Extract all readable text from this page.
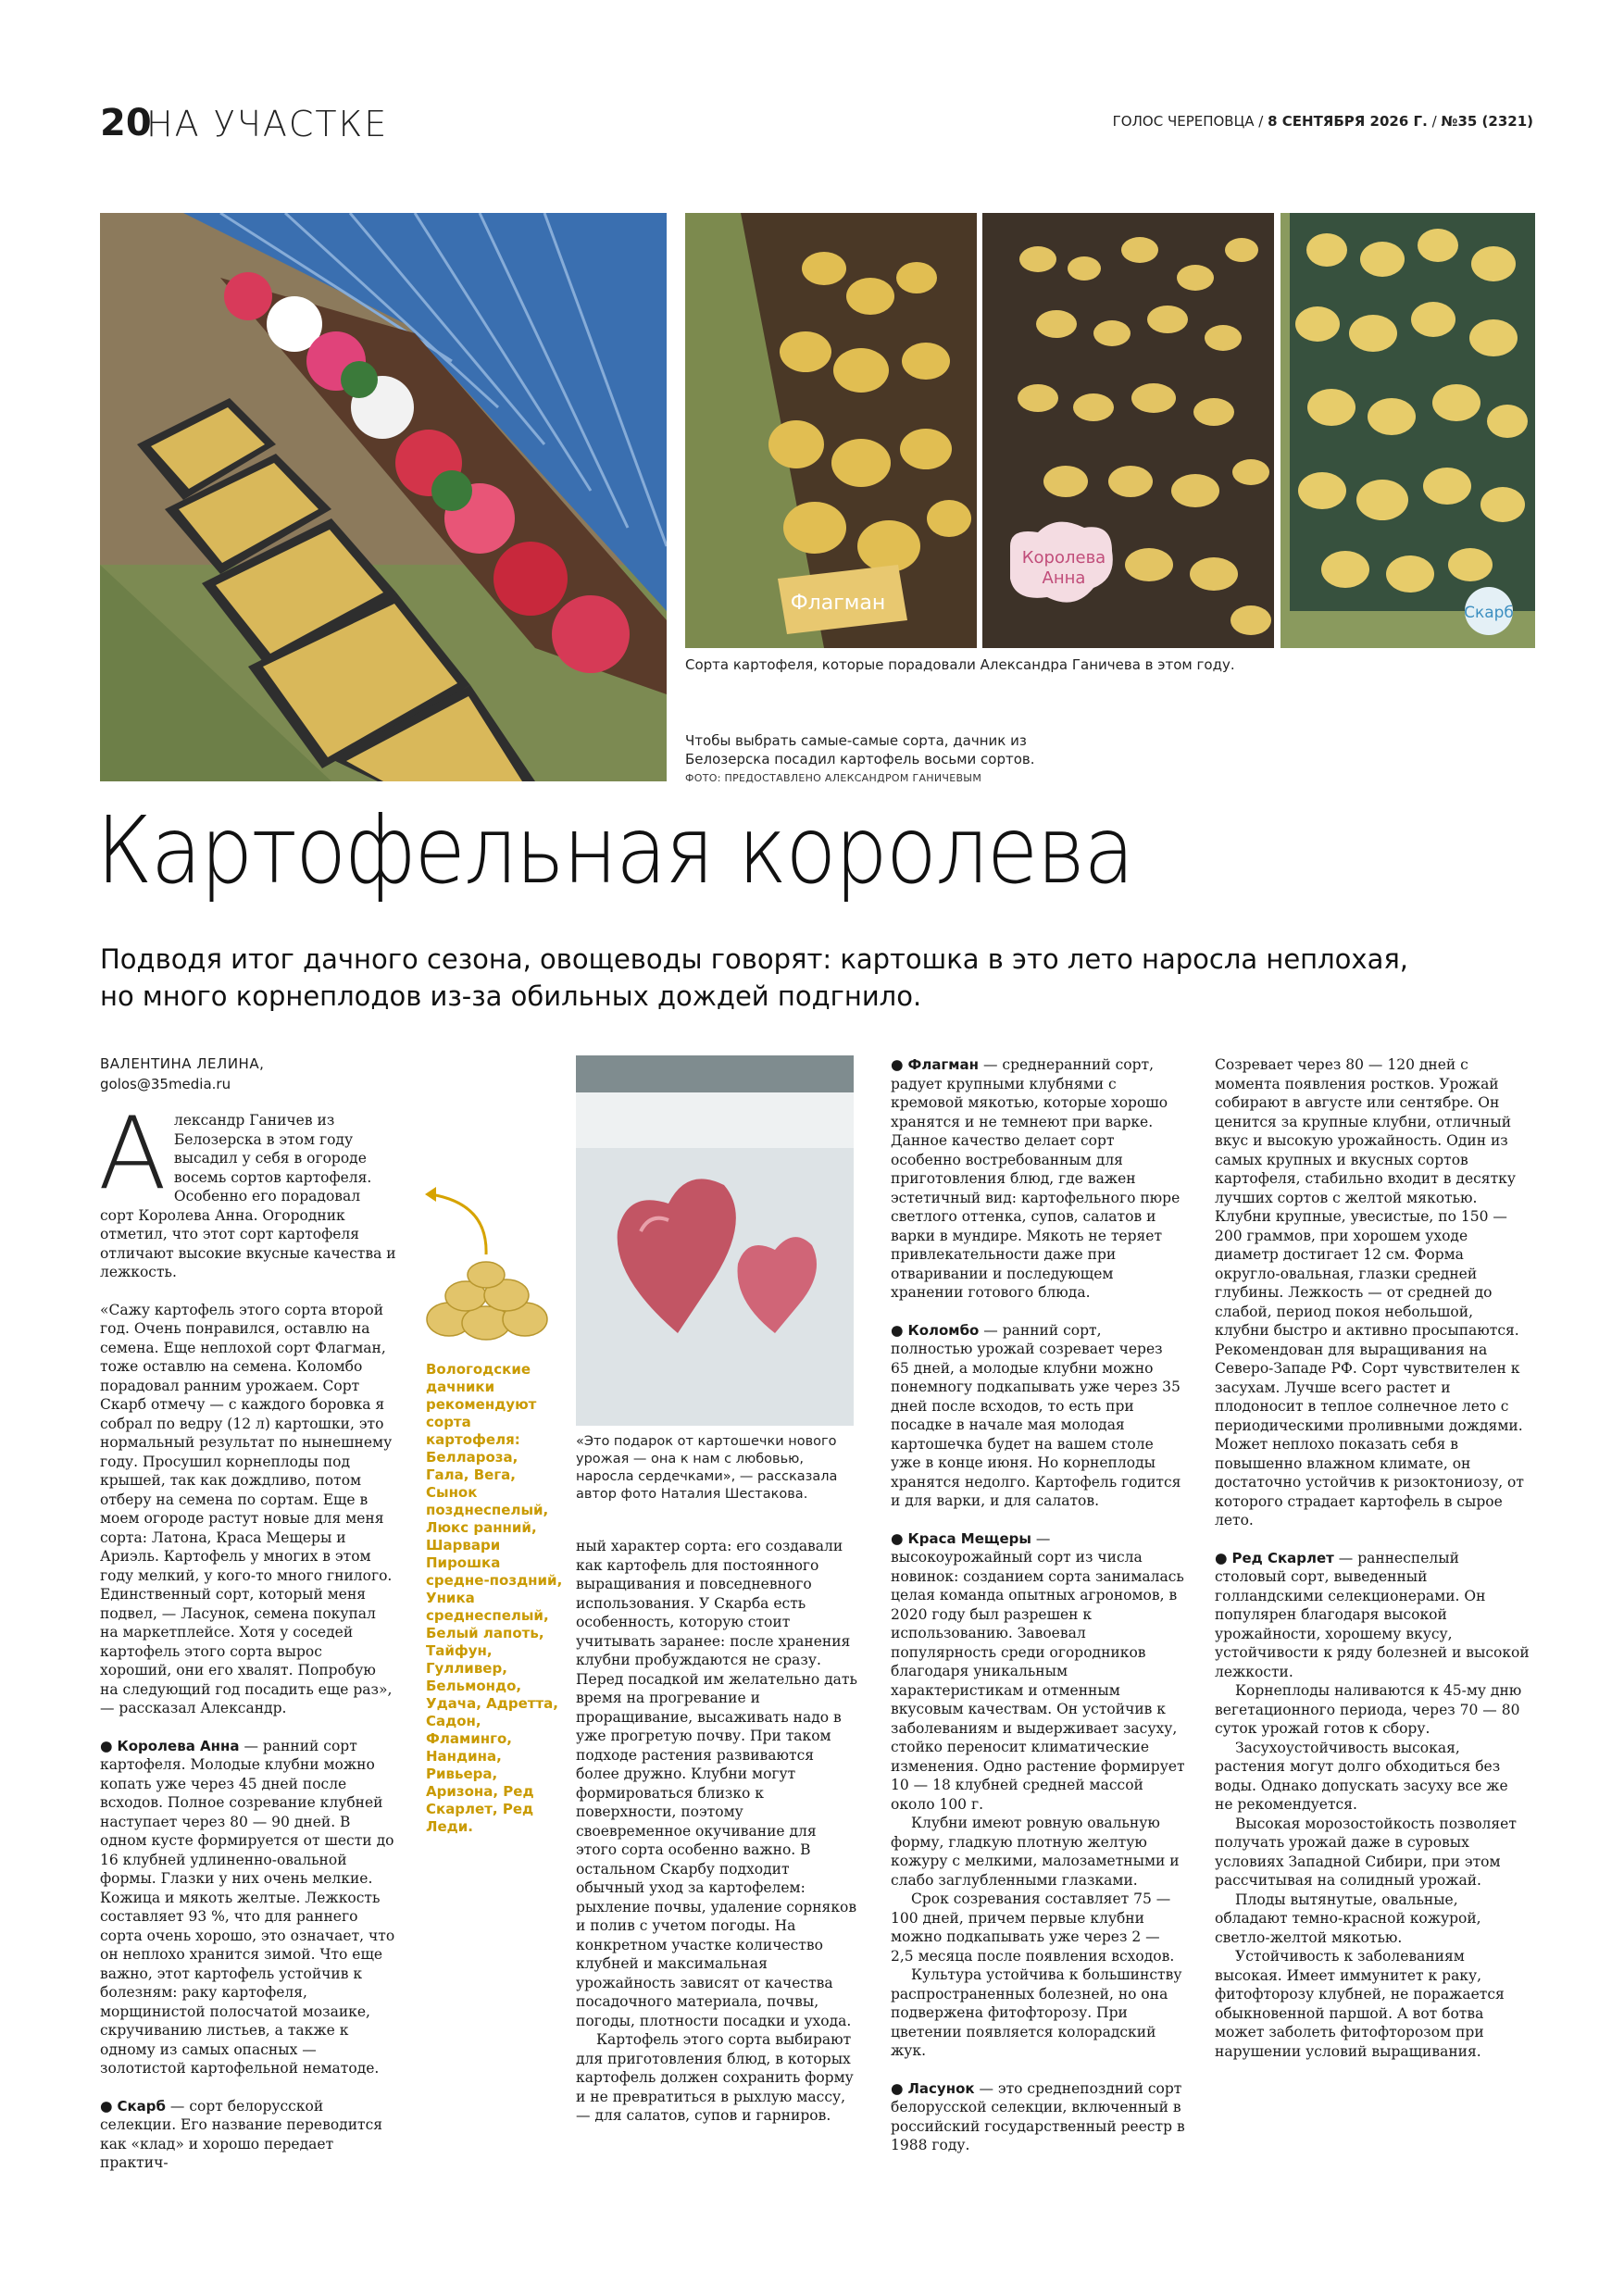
20
НА УЧАСТКЕ	ГОЛОС ЧЕРЕПОВЦА / 8 СЕНТЯБРЯ 2026 Г. / №35 (2321)
Флагман
Королева
Анна
Скарб
Сорта картофеля, которые порадовали Александра Ганичева в этом году.
Чтобы выбрать самые-самые сорта, дачник из
Белозерска посадил картофель восьми сортов.
ФОТО: ПРЕДОСТАВЛЕНО АЛЕКСАНДРОМ ГАНИЧЕВЫМ
Картофельная королева
Подводя итог дачного сезона, овощеводы говорят: картошка в это лето наросла неплохая, но много корнеплодов из-за обильных дождей подгнило.
ВАЛЕНТИНА ЛЕЛИНА,
golos@35media.ru

Александр Ганичев из Белозерска в этом году высадил у себя в огороде восемь сортов картофеля. Особенно его порадовал сорт Королева Анна. Огородник отметил, что этот сорт картофеля отличают высокие вкусные качества и лежкость.

«Сажу картофель этого сорта второй год. Очень понравился, оставлю на семена. Еще неплохой сорт Флагман, тоже оставлю на семена. Коломбо порадовал ранним урожаем. Сорт Скарб отмечу — с каждого боровка я собрал по ведру (12 л) картошки, это нормальный результат по нынешнему году. Просушил корнеплоды под крышей, так как дождливо, потом отберу на семена по сортам. Еще в моем огороде растут новые для меня сорта: Латона, Краса Мещеры и Ариэль. Картофель у многих в этом году мелкий, у кого-то много гнилого. Единственный сорт, который меня подвел, — Ласунок, семена покупал на маркетплейсе. Хотя у соседей картофель этого сорта вырос хороший, они его хвалят. Попробую на следующий год посадить еще раз», — рассказал Александр.

● Королева Анна — ранний сорт картофеля. Молодые клубни можно копать уже через 45 дней после всходов. Полное созревание клубней наступает через 80 — 90 дней. В одном кусте формируется от шести до 16 клубней удлиненно-овальной формы. Глазки у них очень мелкие. Кожица и мякоть желтые. Лежкость составляет 93 %, что для раннего сорта очень хорошо, это означает, что он неплохо хранится зимой. Что еще важно, этот картофель устойчив к болезням: раку картофеля, морщинистой полосчатой мозаике, скручиванию листьев, а также к одному из самых опасных — золотистой картофельной нематоде.

● Скарб — сорт белорусской селекции. Его название переводится как «клад» и хорошо передает практич-

Вологодские дачники рекомендуют сорта картофеля: Беллароза, Гала, Вега, Сынок позднеспелый, Люкс ранний, Шарвари Пирошка средне-поздний, Уника среднеспелый, Белый лапоть, Тайфун, Гулливер, Бельмондо, Удача, Адретта, Садон, Фламинго, Нандина, Ривьера, Аризона, Ред Скарлет, Ред Леди.
«Это подарок от картошечки нового урожая — она к нам с любовью, наросла сердечками», — рассказала автор фото Наталия Шестакова.

ный характер сорта: его создавали как картофель для постоянного выращивания и повседневного использования. У Скарба есть особенность, которую стоит учитывать заранее: после хранения клубни пробуждаются не сразу. Перед посадкой им желательно дать время на прогревание и проращивание, высаживать надо в уже прогретую почву. При таком подходе растения развиваются более дружно. Клубни могут формироваться близко к поверхности, поэтому своевременное окучивание для этого сорта особенно важно. В остальном Скарбу подходит обычный уход за картофелем: рыхление почвы, удаление сорняков и полив с учетом погоды. На конкретном участке количество клубней и максимальная урожайность зависят от качества посадочного материала, почвы, погоды, плотности посадки и ухода.

Картофель этого сорта выбирают для приготовления блюд, в которых картофель должен сохранить форму и не превратиться в рыхлую массу, — для салатов, супов и гарниров.

● Флагман — среднеранний сорт, радует крупными клубнями с кремовой мякотью, которые хорошо хранятся и не темнеют при варке. Данное качество делает сорт особенно востребованным для приготовления блюд, где важен эстетичный вид: картофельного пюре светлого оттенка, супов, салатов и варки в мундире. Мякоть не теряет привлекательности даже при отваривании и последующем хранении готового блюда.

● Коломбо — ранний сорт, полностью урожай созревает через 65 дней, а молодые клубни можно понемногу подкапывать уже через 35 дней после всходов, то есть при посадке в начале мая молодая картошечка будет на вашем столе уже в конце июня. Но корнеплоды хранятся недолго. Картофель годится и для варки, и для салатов.

● Краса Мещеры — высокоурожайный сорт из числа новинок: созданием сорта занималась целая команда опытных агрономов, в 2020 году был разрешен к использованию. Завоевал популярность среди огородников благодаря уникальным характеристикам и отменным вкусовым качествам. Он устойчив к заболеваниям и выдерживает засуху, стойко переносит климатические изменения. Одно растение формирует 10 — 18 клубней средней массой около 100 г.

Клубни имеют ровную овальную форму, гладкую плотную желтую кожуру с мелкими, малозаметными и слабо заглубленными глазками.

Срок созревания составляет 75 — 100 дней, причем первые клубни можно подкапывать уже через 2 — 2,5 месяца после появления всходов.

Культура устойчива к большинству распространенных болезней, но она подвержена фитофторозу. При цветении появляется колорадский жук.

● Ласунок — это среднепоздний сорт белорусской селекции, включенный в российский государственный реестр в 1988 году.

Созревает через 80 — 120 дней с момента появления ростков. Урожай собирают в августе или сентябре. Он ценится за крупные клубни, отличный вкус и высокую урожайность. Один из самых крупных и вкусных сортов картофеля, стабильно входит в десятку лучших сортов с желтой мякотью. Клубни крупные, увесистые, по 150 — 200 граммов, при хорошем уходе диаметр достигает 12 см. Форма округло-овальная, глазки средней глубины. Лежкость — от средней до слабой, период покоя небольшой, клубни быстро и активно просыпаются. Рекомендован для выращивания на Северо-Западе РФ. Сорт чувствителен к засухам. Лучше всего растет и плодоносит в теплое солнечное лето с периодическими проливными дождями. Может неплохо показать себя в повышенно влажном климате, он достаточно устойчив к ризоктониозу, от которого страдает картофель в сырое лето.

● Ред Скарлет — раннеспелый столовый сорт, выведенный голландскими селекционерами. Он популярен благодаря высокой урожайности, хорошему вкусу, устойчивости к ряду болезней и высокой лежкости.

Корнеплоды наливаются к 45-му дню вегетационного периода, через 70 — 80 суток урожай готов к сбору.

Засухоустойчивость высокая, растения могут долго обходиться без воды. Однако допускать засуху все же не рекомендуется.

Высокая морозостойкость позволяет получать урожай даже в суровых условиях Западной Сибири, при этом рассчитывая на солидный урожай.

Плоды вытянутые, овальные, обладают темно-красной кожурой, светло-желтой мякотью.

Устойчивость к заболеваниям высокая. Имеет иммунитет к раку, фитофторозу клубней, не поражается обыкновенной паршой. А вот ботва может заболеть фитофторозом при нарушении условий выращивания.
